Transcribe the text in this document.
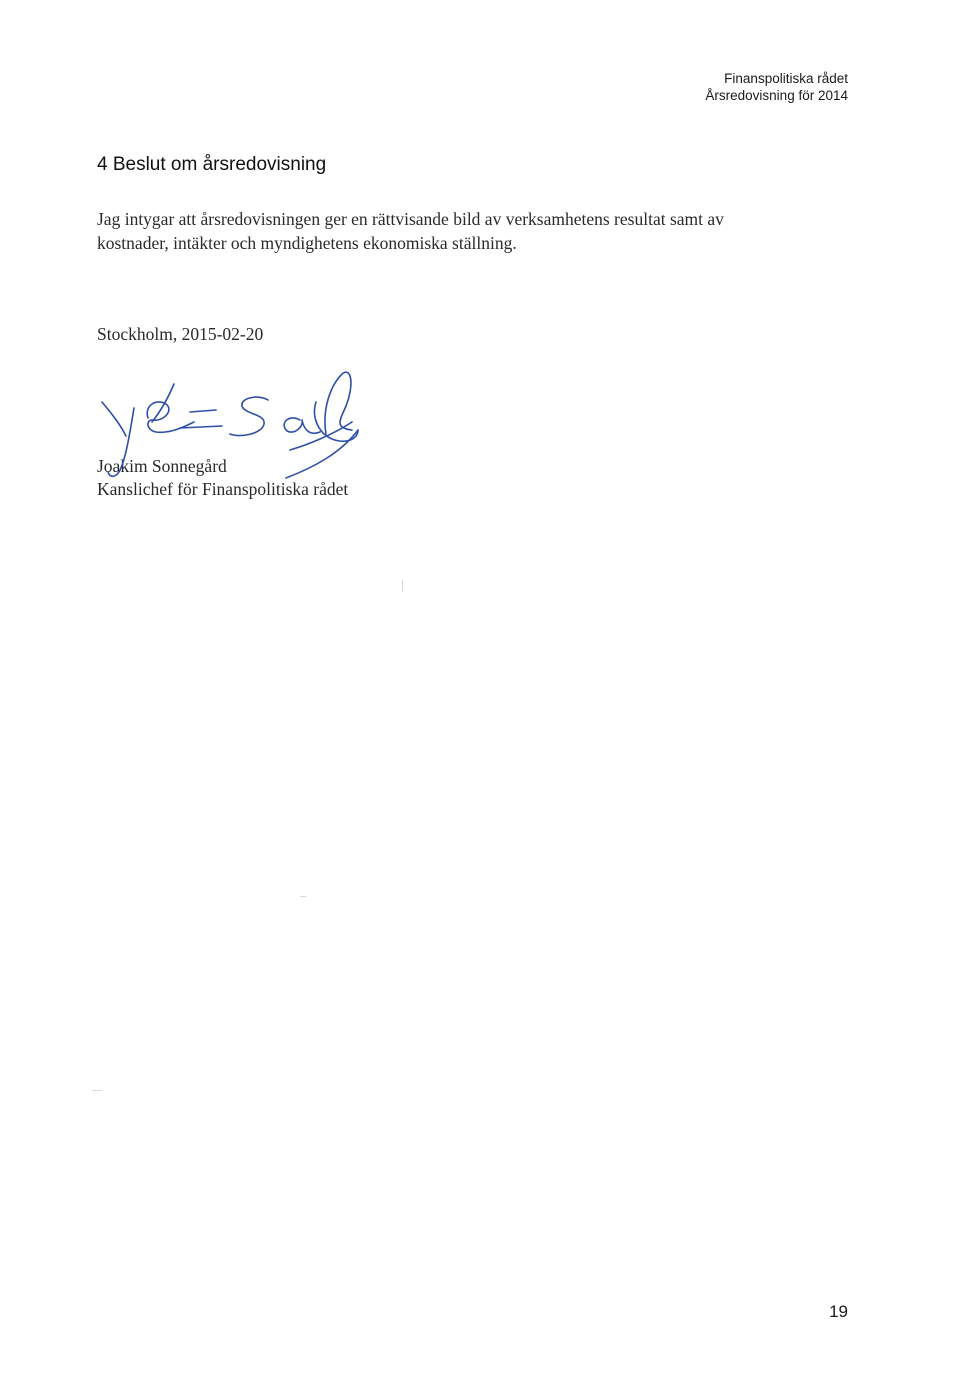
Finanspolitiska rådet
Årsredovisning för 2014
4 Beslut om årsredovisning
Jag intygar att årsredovisningen ger en rättvisande bild av verksamhetens resultat samt av
kostnader, intäkter och myndighetens ekonomiska ställning.
Stockholm, 2015-02-20
Joakim Sonnegård
Kanslichef för Finanspolitiska rådet
19
